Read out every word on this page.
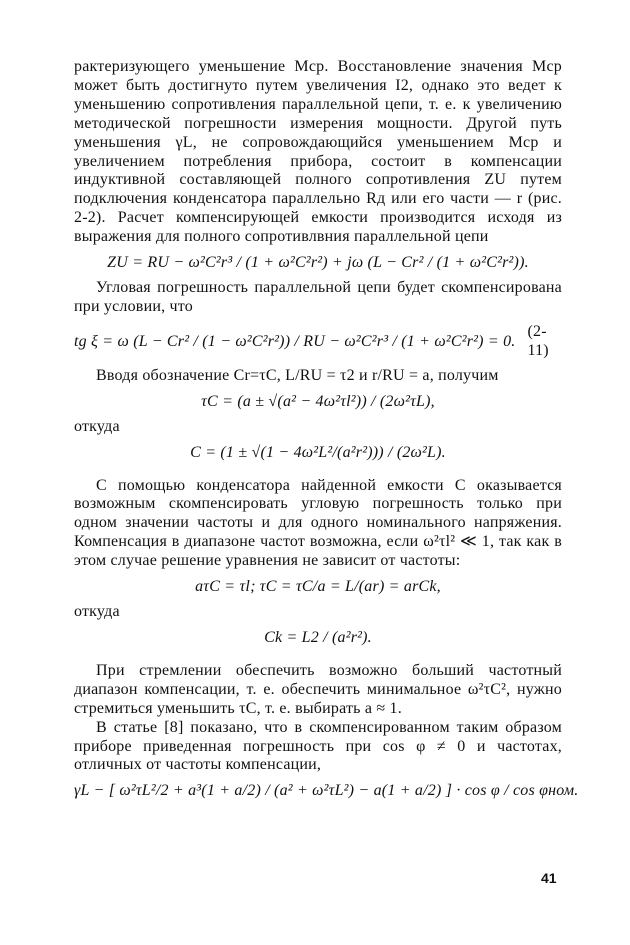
рактеризующего уменьшение Mср. Восстановление значения Mср может быть достигнуто путем увеличения I2, однако это ведет к уменьшению сопротивления параллельной цепи, т. е. к увеличению методической погрешности измерения мощности. Другой путь уменьшения γL, не сопровождающийся уменьшением Mср и увеличением потребления прибора, состоит в компенсации индуктивной составляющей полного сопротивления ZU путем подключения конденсатора параллельно Rд или его части — r (рис. 2-2). Расчет компенсирующей емкости производится исходя из выражения для полного сопротивлвния параллельной цепи

ZU = RU − ω²C²r³ / (1 + ω²C²r²) + jω (L − Cr² / (1 + ω²C²r²)).

Угловая погрешность параллельной цепи будет скомпенсирована при условии, что

tg ξ = ω (L − Cr² / (1 − ω²C²r²)) / RU − ω²C²r³ / (1 + ω²C²r²) = 0.
(2-11)

Вводя обозначение Cr=τC, L/RU = τ2 и r/RU = a, получим

τC = (a ± √(a² − 4ω²τl²)) / (2ω²τL),

откуда

C = (1 ± √(1 − 4ω²L²/(a²r²))) / (2ω²L).

С помощью конденсатора найденной емкости C оказывается возможным скомпенсировать угловую погрешность только при одном значении частоты и для одного номинального напряжения. Компенсация в диапазоне частот возможна, если ω²τl² ≪ 1, так как в этом случае решение уравнения не зависит от частоты:

aτC = τl; τC = τC/a = L/(ar) = arCk,

откуда

Ck = L2 / (a²r²).

При стремлении обеспечить возможно больший частотный диапазон компенсации, т. е. обеспечить минимальное ω²τC², нужно стремиться уменьшить τC, т. е. выбирать a ≈ 1.

В статье [8] показано, что в скомпенсированном таким образом приборе приведенная погрешность при cos φ ≠ 0 и частотах, отличных от частоты компенсации,

γL − [ ω²τL²/2 + a³(1 + a/2) / (a² + ω²τL²) − a(1 + a/2) ] · cos φ / cos φном.
41
